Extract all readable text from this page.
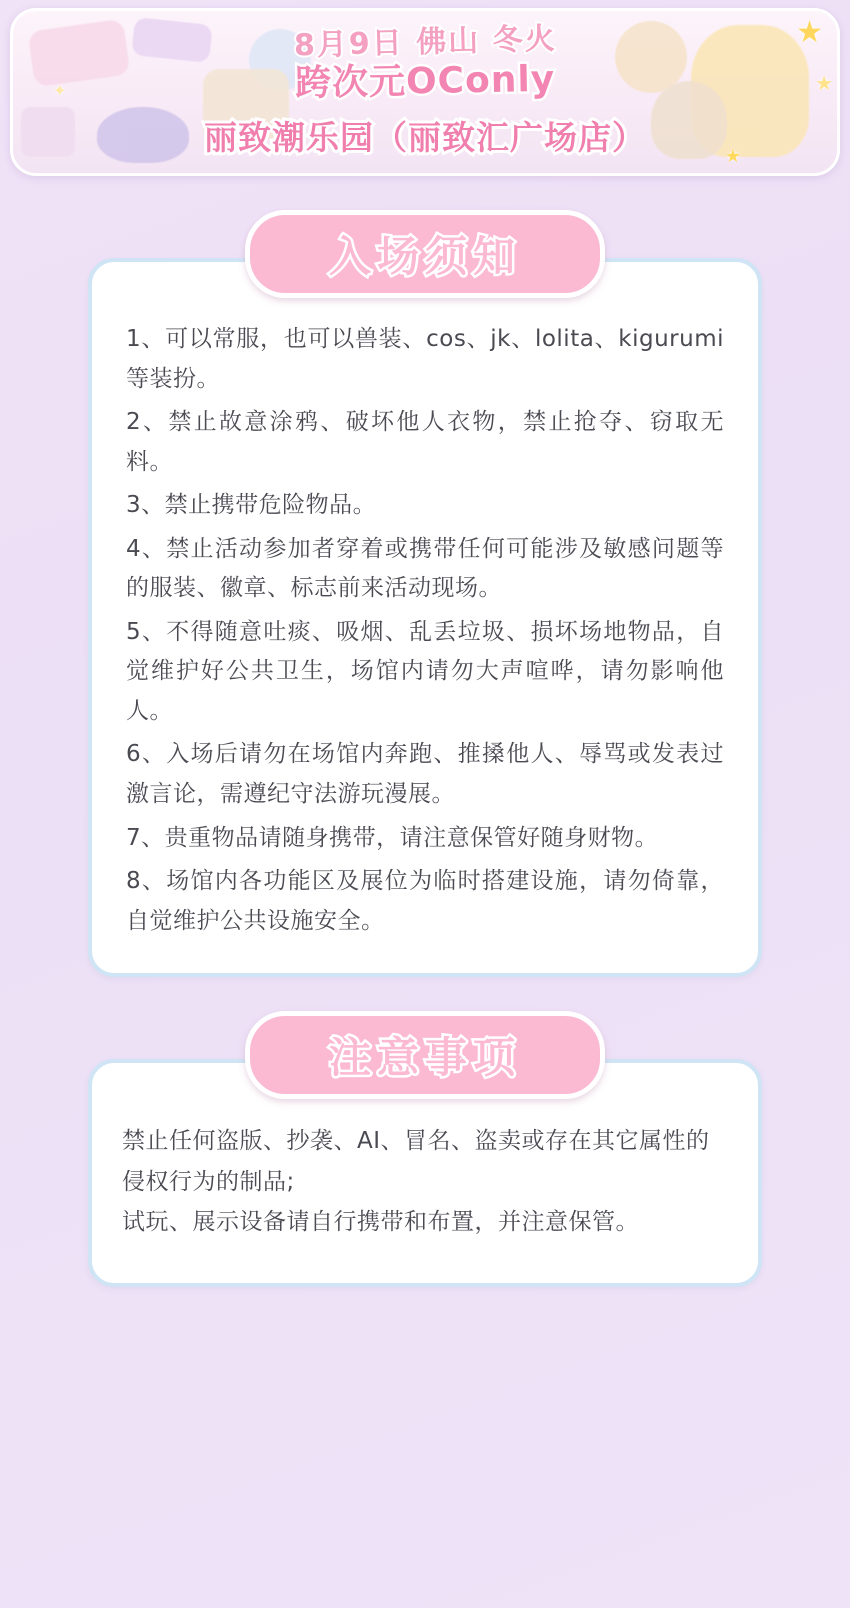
★
★
✦
★
8月9日 佛山 冬火
跨次元OConly
丽致潮乐园（丽致汇广场店）
入场须知

1、可以常服，也可以兽装、cos、jk、lolita、kigurumi等装扮。

2、禁止故意涂鸦、破坏他人衣物，禁止抢夺、窃取无料。

3、禁止携带危险物品。

4、禁止活动参加者穿着或携带任何可能涉及敏感问题等的服装、徽章、标志前来活动现场。

5、不得随意吐痰、吸烟、乱丢垃圾、损坏场地物品，自觉维护好公共卫生，场馆内请勿大声喧哗，请勿影响他人。

6、入场后请勿在场馆内奔跑、推搡他人、辱骂或发表过激言论，需遵纪守法游玩漫展。

7、贵重物品请随身携带，请注意保管好随身财物。

8、场馆内各功能区及展位为临时搭建设施，请勿倚靠，自觉维护公共设施安全。

注意事项

禁止任何盗版、抄袭、AI、冒名、盗卖或存在其它属性的侵权行为的制品;

试玩、展示设备请自行携带和布置，并注意保管。
